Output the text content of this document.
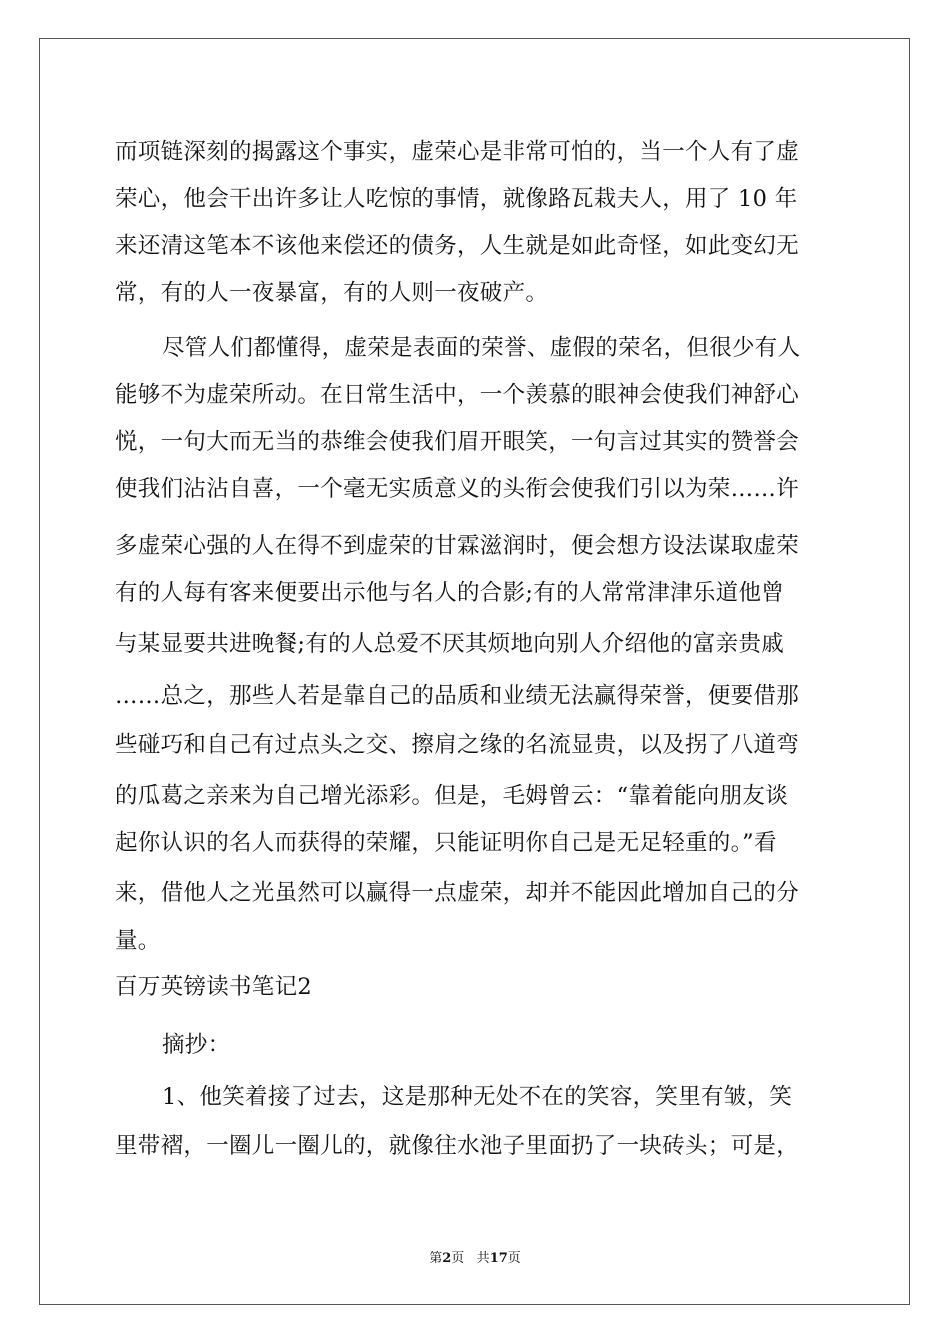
而项链深刻的揭露这个事实，虚荣心是非常可怕的，当一个人有了虚
荣心，他会干出许多让人吃惊的事情，就像路瓦栽夫人，用了 10 年
来还清这笔本不该他来偿还的债务，人生就是如此奇怪，如此变幻无
常，有的人一夜暴富，有的人则一夜破产。
尽管人们都懂得，虚荣是表面的荣誉、虚假的荣名，但很少有人
能够不为虚荣所动。在日常生活中，一个羡慕的眼神会使我们神舒心
悦，一句大而无当的恭维会使我们眉开眼笑，一句言过其实的赞誉会
使我们沾沾自喜，一个毫无实质意义的头衔会使我们引以为荣……许
多虚荣心强的人在得不到虚荣的甘霖滋润时，便会想方设法谋取虚荣
有的人每有客来便要出示他与名人的合影;有的人常常津津乐道他曾
与某显要共进晚餐;有的人总爱不厌其烦地向别人介绍他的富亲贵戚
……总之，那些人若是靠自己的品质和业绩无法赢得荣誉，便要借那
些碰巧和自己有过点头之交、擦肩之缘的名流显贵，以及拐了八道弯
的瓜葛之亲来为自己增光添彩。但是，毛姆曾云：“靠着能向朋友谈
起你认识的名人而获得的荣耀，只能证明你自己是无足轻重的。”看
来，借他人之光虽然可以赢得一点虚荣，却并不能因此增加自己的分
量。
百万英镑读书笔记2
摘抄：
1、他笑着接了过去，这是那种无处不在的笑容，笑里有皱，笑
里带褶，一圈儿一圈儿的，就像往水池子里面扔了一块砖头；可是，
第2页 共17页
